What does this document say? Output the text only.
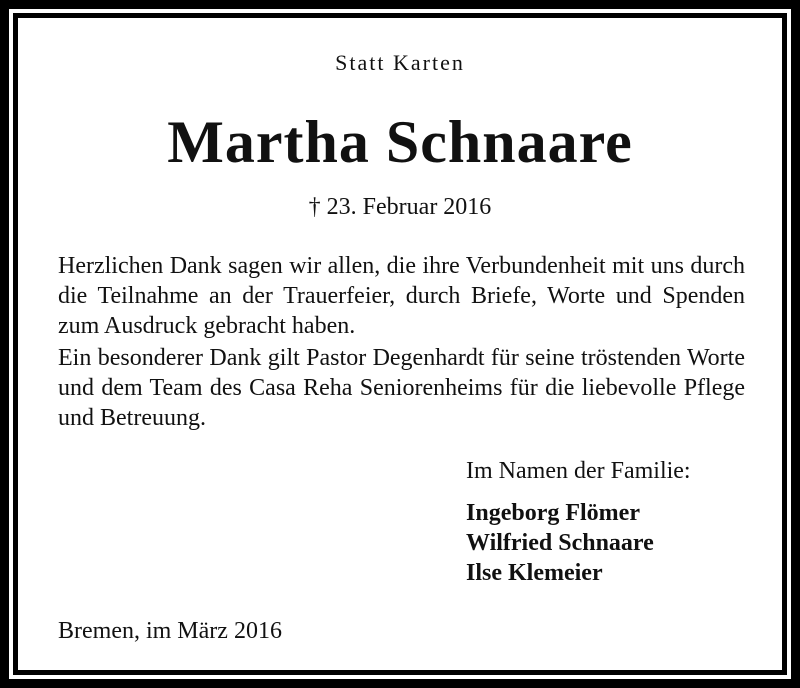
Statt Karten
Martha Schnaare
† 23. Februar 2016
Herzlichen Dank sagen wir allen, die ihre Verbundenheit mit uns durch die Teilnahme an der Trauerfeier, durch Briefe, Worte und Spenden zum Ausdruck gebracht haben.
Ein besonderer Dank gilt Pastor Degenhardt für seine tröstenden Worte und dem Team des Casa Reha Seniorenheims für die liebevolle Pflege und Betreuung.
Im Namen der Familie:
Ingeborg Flömer
Wilfried Schnaare
Ilse Klemeier
Bremen, im März 2016
